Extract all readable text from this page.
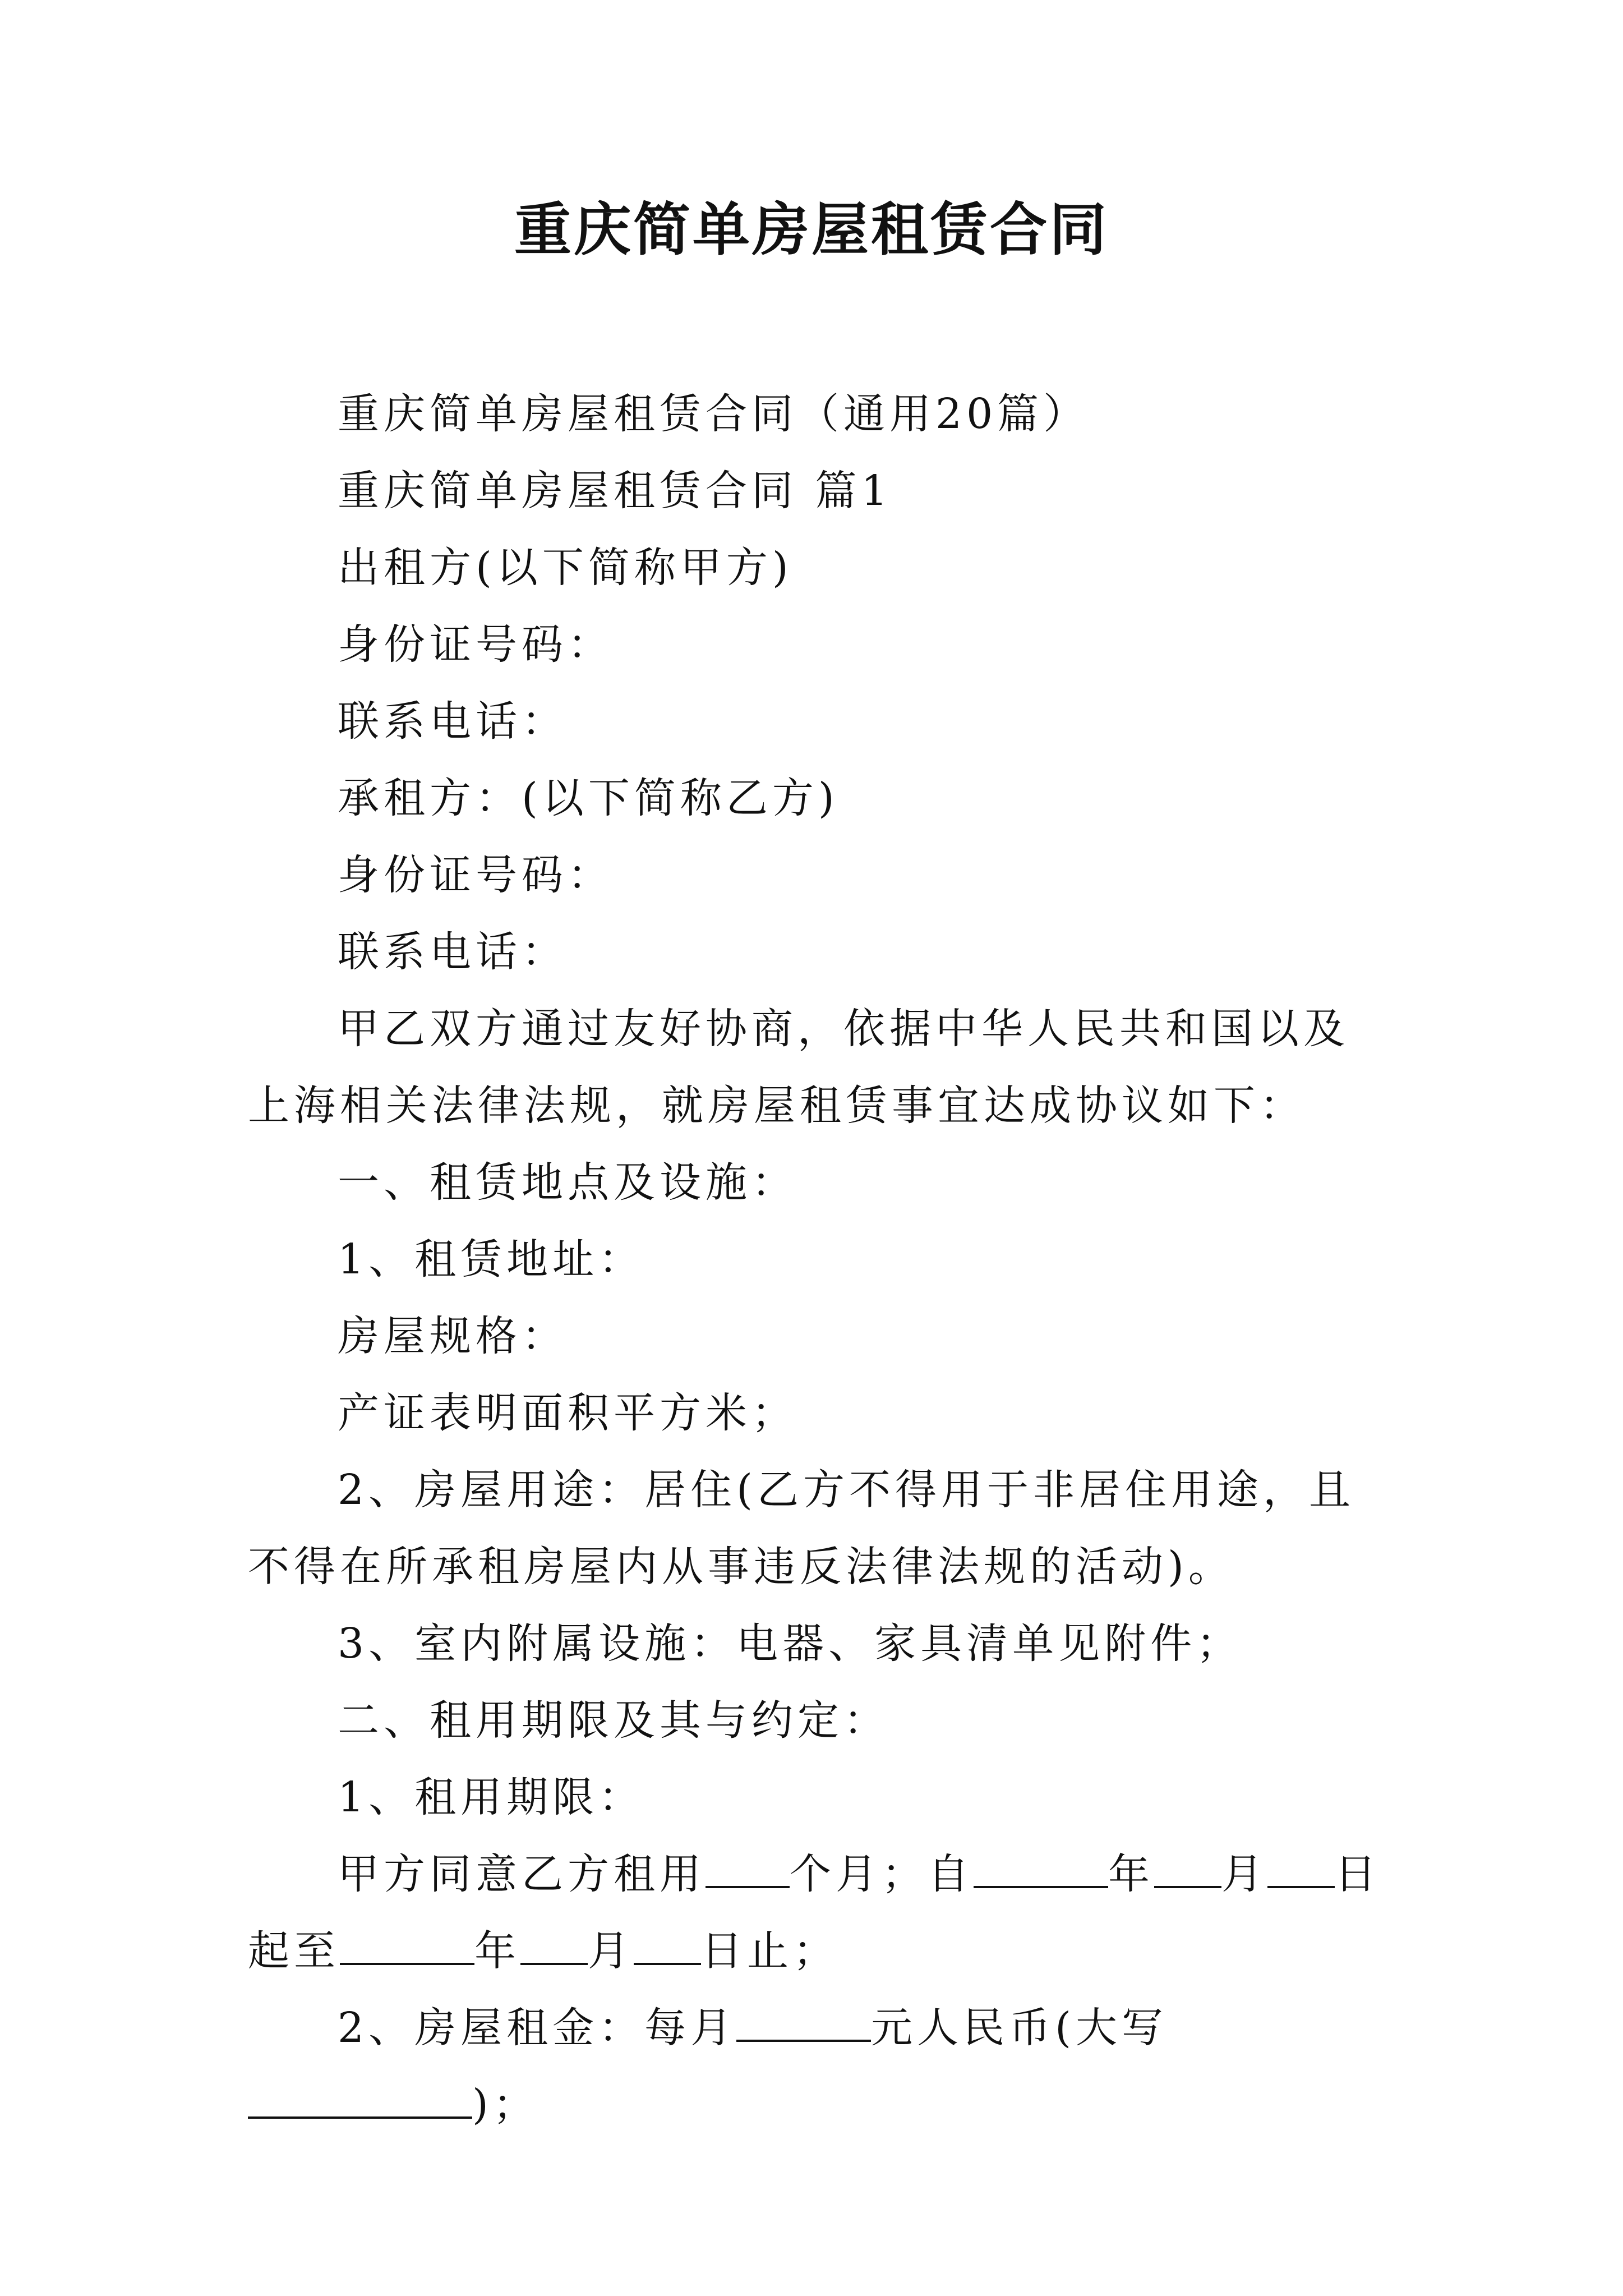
重庆简单房屋租赁合同

重庆简单房屋租赁合同（通用20篇）

重庆简单房屋租赁合同 篇1

出租方(以下简称甲方)

身份证号码：

联系电话：

承租方：(以下简称乙方)

身份证号码：

联系电话：

甲乙双方通过友好协商，依据中华人民共和国以及上海相关法律法规，就房屋租赁事宜达成协议如下：

一、租赁地点及设施：

1、租赁地址：

房屋规格：

产证表明面积平方米；

2、房屋用途：居住(乙方不得用于非居住用途，且不得在所承租房屋内从事违反法律法规的活动)。

3、室内附属设施：电器、家具清单见附件；

二、租用期限及其与约定：

1、租用期限：

甲方同意乙方租用 个月；自	年 月 日起至	年 月 日止；

2、房屋租金：每月	元人民币(大写)；
